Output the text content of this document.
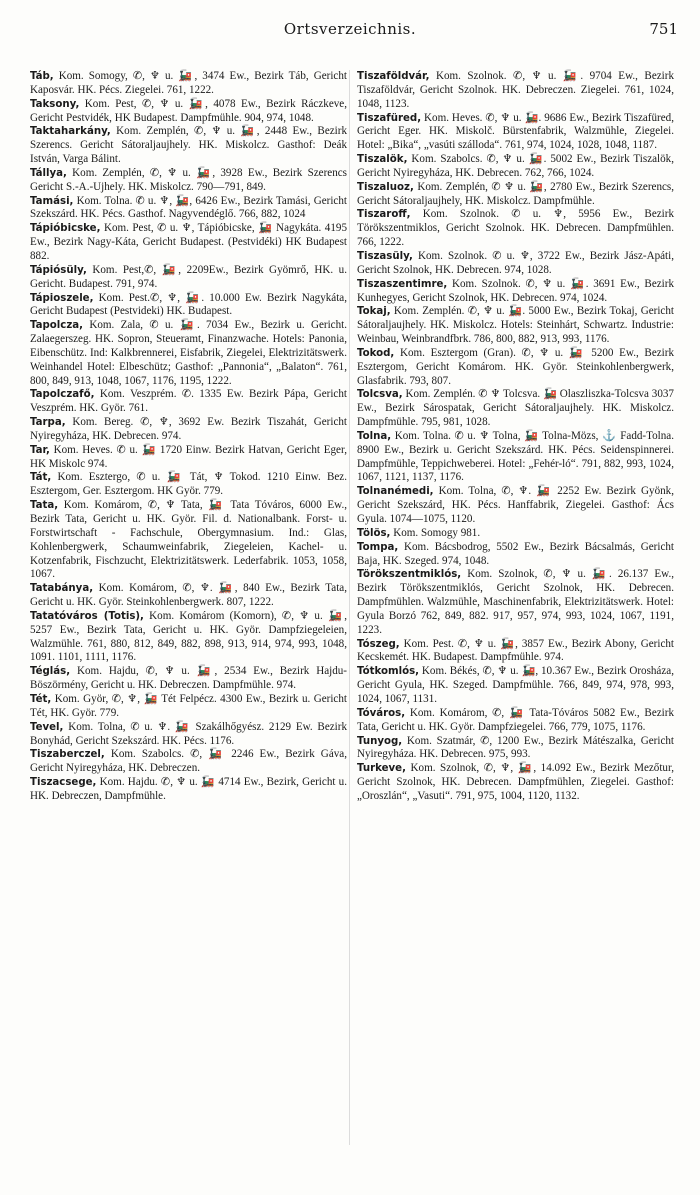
Ortsverzeichnis.	751

Táb, Kom. Somogy, ✆, ♆ u. 🚂, 3474 Ew., Bezirk Táb, Gericht Kaposvár. HK. Pécs. Ziegelei. 761, 1222.

Taksony, Kom. Pest, ✆, ♆ u. 🚂, 4078 Ew., Bezirk Ráczkeve, Gericht Pestvidék, HK Budapest. Dampfmühle. 904, 974, 1048.

Taktaharkány, Kom. Zemplén, ✆, ♆ u. 🚂, 2448 Ew., Bezirk Szerencs. Gericht Sátoraljaujhely. HK. Miskolcz. Gasthof: Deák István, Varga Bálint.

Tállya, Kom. Zemplén, ✆, ♆ u. 🚂, 3928 Ew., Bezirk Szerencs Gericht S.-A.-Ujhely. HK. Miskolcz. 790—791, 849.

Tamási, Kom. Tolna. ✆ u. ♆, 🚂, 6426 Ew., Bezirk Tamási, Gericht Szekszárd. HK. Pécs. Gasthof. Nagyvendéglő. 766, 882, 1024

Tápióbicske, Kom. Pest, ✆ u. ♆, Tápióbicske, 🚂 Nagykáta. 4195 Ew., Bezirk Nagy-Káta, Gericht Budapest. (Pestvidéki) HK Budapest 882.

Tápiósüly, Kom. Pest,✆, 🚂, 2209Ew., Bezirk Gyömrő, HK. u. Gericht. Budapest. 791, 974.

Tápioszele, Kom. Pest.✆, ♆, 🚂. 10.000 Ew. Bezirk Nagykáta, Gericht Budapest (Pestvideki) HK. Budapest.

Tapolcza, Kom. Zala, ✆ u. 🚂. 7034 Ew., Bezirk u. Gericht. Zalaegerszeg. HK. Sopron, Steueramt, Finanzwache. Hotels: Panonia, Eibenschütz. Ind: Kalkbrennerei, Eisfabrik, Ziegelei, Elektrizitätswerk. Weinhandel Hotel: Elbeschütz; Gasthof: „Pannonia“, „Balaton“. 761, 800, 849, 913, 1048, 1067, 1176, 1195, 1222.

Tapolczafő, Kom. Veszprém. ✆. 1335 Ew. Bezirk Pápa, Gericht Veszprém. HK. Györ. 761.

Tarpa, Kom. Bereg. ✆, ♆, 3692 Ew. Bezirk Tiszahát, Gericht Nyiregyháza, HK. Debrecen. 974.

Tar, Kom. Heves. ✆ u. 🚂 1720 Einw. Bezirk Hatvan, Gericht Eger, HK Miskolc 974.

Tát, Kom. Esztergo, ✆ u. 🚂 Tát, ♆ Tokod. 1210 Einw. Bez. Esztergom, Ger. Esztergom. HK Györ. 779.

Tata, Kom. Komárom, ✆, ♆ Tata, 🚂 Tata Tóváros, 6000 Ew., Bezirk Tata, Gericht u. HK. Györ. Fil. d. Nationalbank. Forst- u. Forstwirtschaft - Fachschule, Obergymnasium. Ind.: Glas, Kohlenbergwerk, Schaumweinfabrik, Ziegeleien, Kachel- u. Kotzenfabrik, Fischzucht, Elektrizitätswerk. Lederfabrik. 1053, 1058, 1067.

Tatabánya, Kom. Komárom, ✆, ♆. 🚂, 840 Ew., Bezirk Tata, Gericht u. HK. Györ. Steinkohlenbergwerk. 807, 1222.

Tatatóváros (Totis), Kom. Komárom (Komorn), ✆, ♆ u. 🚂, 5257 Ew., Bezirk Tata, Gericht u. HK. Györ. Dampfziegeleien, Walzmühle. 761, 880, 812, 849, 882, 898, 913, 914, 974, 993, 1048, 1091. 1101, 1111, 1176.

Téglás, Kom. Hajdu, ✆, ♆ u. 🚂, 2534 Ew., Bezirk Hajdu-Böszörmény, Gericht u. HK. Debreczen. Dampfmühle. 974.

Tét, Kom. Györ, ✆, ♆, 🚂 Tét Felpécz. 4300 Ew., Bezirk u. Gericht Tét, HK. Györ. 779.

Tevel, Kom. Tolna, ✆ u. ♆. 🚂 Szakálhőgyész. 2129 Ew. Bezirk Bonyhád, Gericht Szekszárd. HK. Pécs. 1176.

Tiszaberczel, Kom. Szabolcs. ✆, 🚂 2246 Ew., Bezirk Gáva, Gericht Nyiregyháza, HK. Debreczen.

Tiszacsege, Kom. Hajdu. ✆, ♆ u. 🚂 4714 Ew., Bezirk, Gericht u. HK. Debreczen, Dampfmühle.

Tiszaföldvár, Kom. Szolnok. ✆, ♆ u. 🚂. 9704 Ew., Bezirk Tiszaföldvár, Gericht Szolnok. HK. Debreczen. Ziegelei. 761, 1024, 1048, 1123.

Tiszafüred, Kom. Heves. ✆, ♆ u. 🚂. 9686 Ew., Bezirk Tiszafüred, Gericht Eger. HK. Miskolč. Bürstenfabrik, Walzmühle, Ziegelei. Hotel: „Bika“, „vasúti szálloda“. 761, 974, 1024, 1028, 1048, 1187.

Tiszalök, Kom. Szabolcs. ✆, ♆ u. 🚂. 5002 Ew., Bezirk Tiszalök, Gericht Nyiregyháza, HK. Debrecen. 762, 766, 1024.

Tiszaluoz, Kom. Zemplén, ✆ ♆ u. 🚂, 2780 Ew., Bezirk Szerencs, Gericht Sátoraljaujhely, HK. Miskolcz. Dampfmühle.

Tiszaroff, Kom. Szolnok. ✆ u. ♆, 5956 Ew., Bezirk Törökszentmiklos, Gericht Szolnok. HK. Debrecen. Dampfmühlen. 766, 1222.

Tiszasüly, Kom. Szolnok. ✆ u. ♆, 3722 Ew., Bezirk Jász-Apáti, Gericht Szolnok, HK. Debrecen. 974, 1028.

Tiszaszentimre, Kom. Szolnok. ✆, ♆ u. 🚂. 3691 Ew., Bezirk Kunhegyes, Gericht Szolnok, HK. Debrecen. 974, 1024.

Tokaj, Kom. Zemplén. ✆, ♆ u. 🚂. 5000 Ew., Bezirk Tokaj, Gericht Sátoraljaujhely. HK. Miskolcz. Hotels: Steinhárt, Schwartz. Industrie: Weinbau, Weinbrandfbrk. 786, 800, 882, 913, 993, 1176.

Tokod, Kom. Esztergom (Gran). ✆, ♆ u. 🚂 5200 Ew., Bezirk Esztergom, Gericht Komárom. HK. Györ. Steinkohlenbergwerk, Glasfabrik. 793, 807.

Tolcsva, Kom. Zemplén. ✆ ♆ Tolcsva. 🚂 Olaszliszka-Tolcsva 3037 Ew., Bezirk Sárospatak, Gericht Sátoraljaujhely. HK. Miskolcz. Dampfmühle. 795, 981, 1028.

Tolna, Kom. Tolna. ✆ u. ♆ Tolna, 🚂 Tolna-Mözs, ⚓ Fadd-Tolna. 8900 Ew., Bezirk u. Gericht Szekszárd. HK. Pécs. Seidenspinnerei. Dampfmühle, Teppichweberei. Hotel: „Fehér-ló“. 791, 882, 993, 1024, 1067, 1121, 1137, 1176.

Tolnanémedi, Kom. Tolna, ✆, ♆. 🚂 2252 Ew. Bezirk Gyönk, Gericht Szekszárd, HK. Pécs. Hanffabrik, Ziegelei. Gasthof: Ács Gyula. 1074—1075, 1120.

Tölös, Kom. Somogy 981.

Tompa, Kom. Bácsbodrog, 5502 Ew., Bezirk Bácsalmás, Gericht Baja, HK. Szeged. 974, 1048.

Törökszentmiklós, Kom. Szolnok, ✆, ♆ u. 🚂. 26.137 Ew., Bezirk Törökszentmiklós, Gericht Szolnok, HK. Debrecen. Dampfmühlen. Walzmühle, Maschinenfabrik, Elektrizitätswerk. Hotel: Gyula Borzó 762, 849, 882. 917, 957, 974, 993, 1024, 1067, 1191, 1223.

Tószeg, Kom. Pest. ✆, ♆ u. 🚂, 3857 Ew., Bezirk Abony, Gericht Kecskemét. HK. Budapest. Dampfmühle. 974.

Tótkomlós, Kom. Békés, ✆, ♆ u. 🚂, 10.367 Ew., Bezirk Orosháza, Gericht Gyula, HK. Szeged. Dampfmühle. 766, 849, 974, 978, 993, 1024, 1067, 1131.

Tóváros, Kom. Komárom, ✆, 🚂 Tata-Tóváros 5082 Ew., Bezirk Tata, Gericht u. HK. Györ. Dampfziegelei. 766, 779, 1075, 1176.

Tunyog, Kom. Szatmár, ✆, 1200 Ew., Bezirk Mátészalka, Gericht Nyiregyháza. HK. Debrecen. 975, 993.

Turkeve, Kom. Szolnok, ✆, ♆, 🚂, 14.092 Ew., Bezirk Mezőtur, Gericht Szolnok, HK. Debrecen. Dampfmühlen, Ziegelei. Gasthof: „Oroszlán“, „Vasuti“. 791, 975, 1004, 1120, 1132.
